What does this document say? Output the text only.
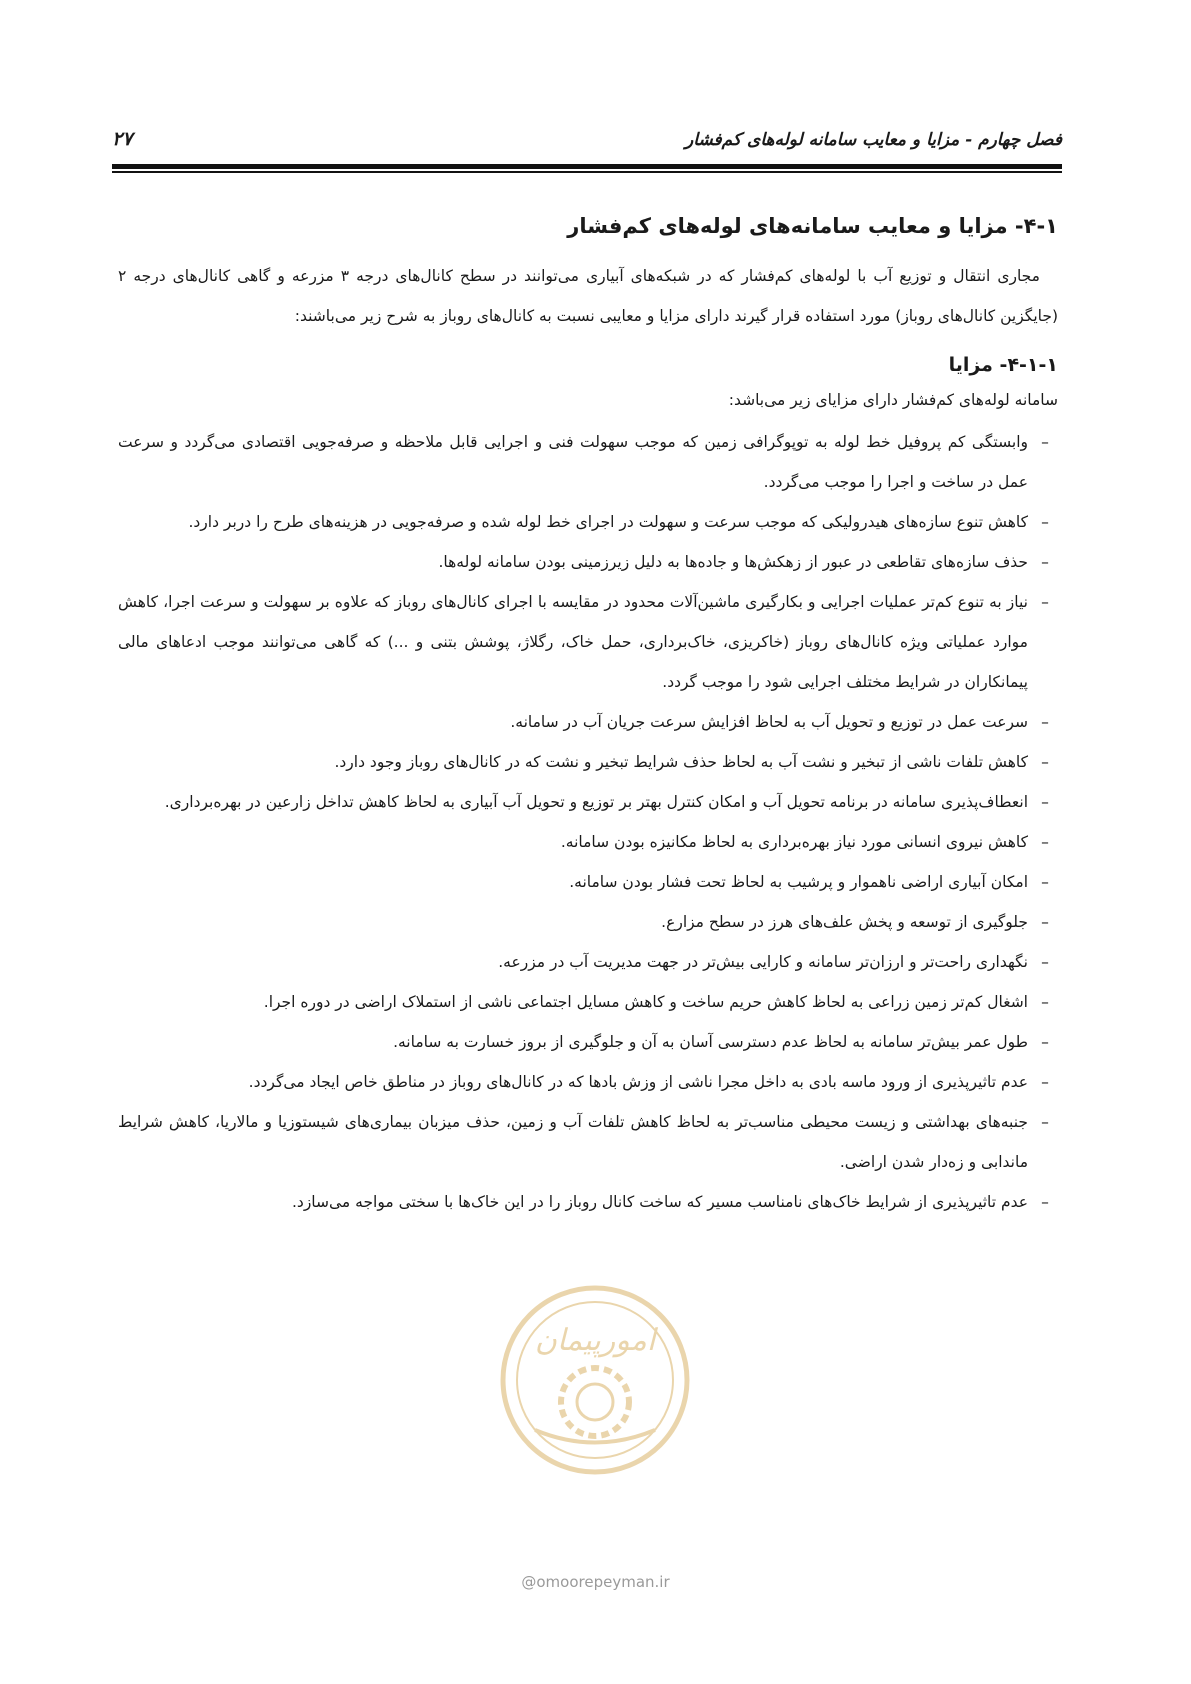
فصل چهارم - مزایا و معایب سامانه لوله‌های کم‌فشار
۲۷
۴-۱- مزایا و معایب سامانه‌های لوله‌های کم‌فشار

مجاری انتقال و توزیع آب با لوله‌های کم‌فشار که در شبکه‌های آبیاری می‌توانند در سطح کانال‌های درجه ۳ مزرعه و گاهی کانال‌های درجه ۲ (جایگزین کانال‌های روباز) مورد استفاده قرار گیرند دارای مزایا و معایبی نسبت به کانال‌های روباز به شرح زیر می‌باشند:

۴-۱-۱- مزایا

سامانه لوله‌های کم‌فشار دارای مزایای زیر می‌باشد:

–
وابستگی کم پروفیل خط لوله به توپوگرافی زمین که موجب سهولت فنی و اجرایی قابل ملاحظه و صرفه‌جویی اقتصادی می‌گردد و سرعت عمل در ساخت و اجرا را موجب می‌گردد.
–
کاهش تنوع سازه‌های هیدرولیکی که موجب سرعت و سهولت در اجرای خط لوله شده و صرفه‌جویی در هزینه‌های طرح را دربر دارد.
–
حذف سازه‌های تقاطعی در عبور از زهکش‌ها و جاده‌ها به دلیل زیرزمینی بودن سامانه لوله‌ها.
–
نیاز به تنوع کم‌تر عملیات اجرایی و بکارگیری ماشین‌آلات محدود در مقایسه با اجرای کانال‌های روباز که علاوه بر سهولت و سرعت اجرا، کاهش موارد عملیاتی ویژه کانال‌های روباز (خاکریزی، خاک‌برداری، حمل خاک، رگلاژ، پوشش بتنی و ...) که گاهی می‌توانند موجب ادعاهای مالی پیمانکاران در شرایط مختلف اجرایی شود را موجب گردد.
–
سرعت عمل در توزیع و تحویل آب به لحاظ افزایش سرعت جریان آب در سامانه.
–
کاهش تلفات ناشی از تبخیر و نشت آب به لحاظ حذف شرایط تبخیر و نشت که در کانال‌های روباز وجود دارد.
–
انعطاف‌پذیری سامانه در برنامه تحویل آب و امکان کنترل بهتر بر توزیع و تحویل آب آبیاری به لحاظ کاهش تداخل زارعین در بهره‌برداری.
–
کاهش نیروی انسانی مورد نیاز بهره‌برداری به لحاظ مکانیزه بودن سامانه.
–
امکان آبیاری اراضی ناهموار و پرشیب به لحاظ تحت فشار بودن سامانه.
–
جلوگیری از توسعه و پخش علف‌های هرز در سطح مزارع.
–
نگهداری راحت‌تر و ارزان‌تر سامانه و کارایی بیش‌تر در جهت مدیریت آب در مزرعه.
–
اشغال کم‌تر زمین زراعی به لحاظ کاهش حریم ساخت و کاهش مسایل اجتماعی ناشی از استملاک اراضی در دوره اجرا.
–
طول عمر بیش‌تر سامانه به لحاظ عدم دسترسی آسان به آن و جلوگیری از بروز خسارت به سامانه.
–
عدم تاثیرپذیری از ورود ماسه بادی به داخل مجرا ناشی از وزش بادها که در کانال‌های روباز در مناطق خاص ایجاد می‌گردد.
–
جنبه‌های بهداشتی و زیست محیطی مناسب‌تر به لحاظ کاهش تلفات آب و زمین، حذف میزبان بیماری‌های شیستوزیا و مالاریا، کاهش شرایط ماندابی و زه‌دار شدن اراضی.
–
عدم تاثیرپذیری از شرایط خاک‌های نامناسب مسیر که ساخت کانال روباز را در این خاک‌ها با سختی مواجه می‌سازد.
امورپیمان
@omoorepeyman.ir
